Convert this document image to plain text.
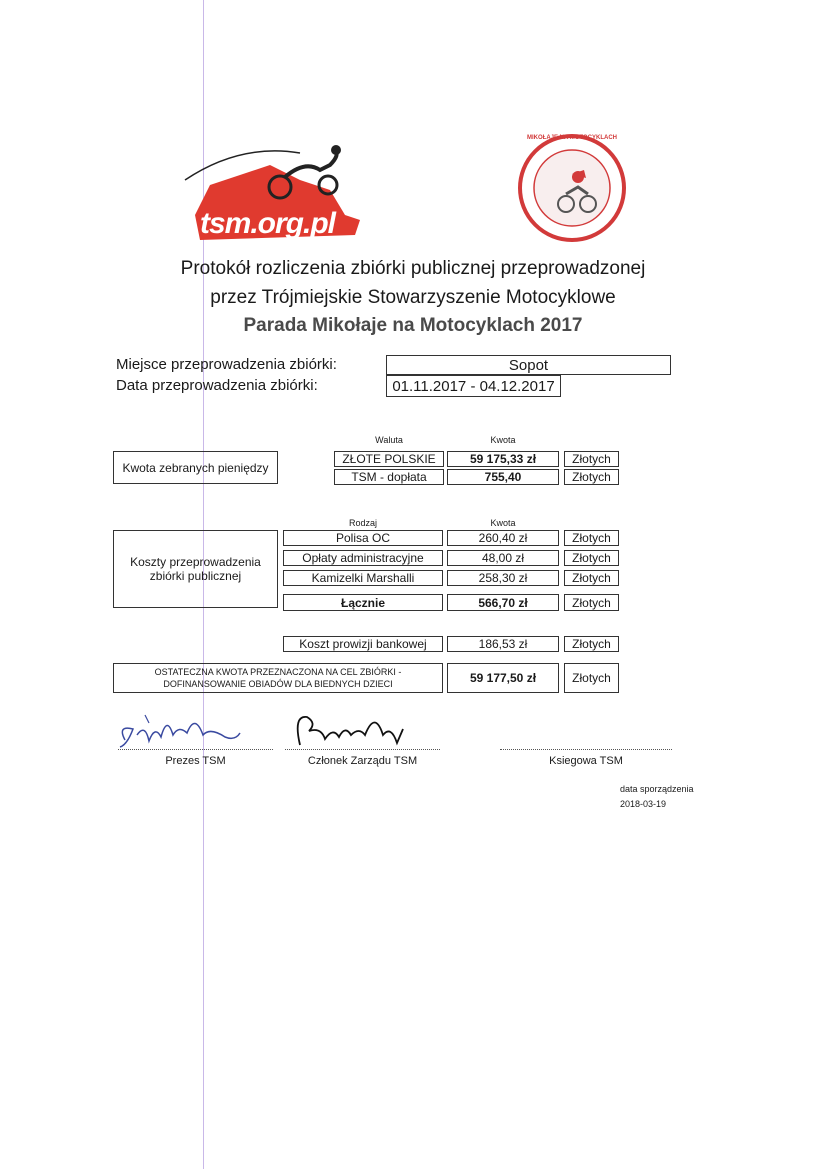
tsm.org.pl
MIKOŁAJE NA MOTOCYKLACH
Protokół rozliczenia zbiórki publicznej przeprowadzonej
przez Trójmiejskie Stowarzyszenie Motocyklowe
Parada Mikołaje na Motocyklach 2017
Miejsce przeprowadzenia zbiórki:	Sopot
Data przeprowadzenia zbiórki:	01.11.2017 - 04.12.2017
Waluta	Kwota
Kwota zebranych pieniędzy
ZŁOTE POLSKIE	59 175,33 zł	Złotych
TSM - dopłata	755,40	Złotych
Rodzaj	Kwota
Koszty przeprowadzenia zbiórki publicznej
Polisa OC	260,40 zł	Złotych
Opłaty administracyjne	48,00 zł	Złotych
Kamizelki Marshalli	258,30 zł	Złotych
Łącznie	566,70 zł	Złotych
Koszt prowizji bankowej	186,53 zł	Złotych
OSTATECZNA KWOTA PRZEZNACZONA NA CEL ZBIÓRKI -
DOFINANSOWANIE OBIADÓW DLA BIEDNYCH DZIECI	59 177,50 zł	Złotych
Prezes TSM	Członek Zarządu TSM	Ksiegowa TSM
data sporządzenia
2018-03-19
